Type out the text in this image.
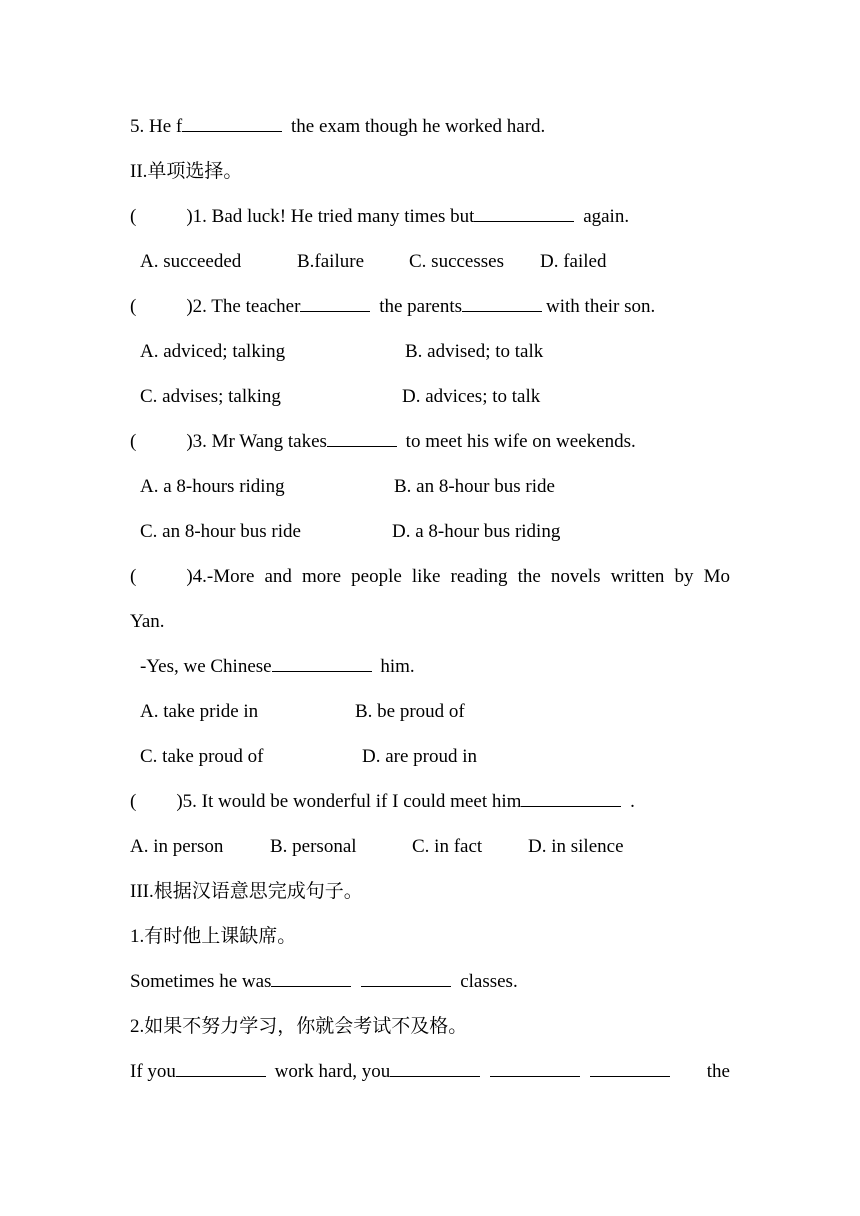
5. He f	the exam though he worked hard.
II.单项选择。
(	)1. Bad luck! He tried many times but	again.
A. succeeded	B.failure C. successes D. failed
(	)2. The teacher	the parents	with their son.
A. adviced; talking	B. advised; to talk
C. advises; talking	D. advices; to talk
(	)3. Mr Wang takes	to meet his wife on weekends.
A. a 8-hours riding	B. an 8-hour bus ride
C. an 8-hour bus ride	D. a 8-hour bus riding
(	)4.-More and more people like reading the novels written by Mo
Yan.
-Yes, we Chinese	him.
A. take pride in	B. be proud of
C. take proud of	D. are proud in
( )5. It would be wonderful if I could meet him	.
A. in person B. personal	C. in fact D. in silence
III.根据汉语意思完成句子。
1.有时他上课缺席。
Sometimes he was	classes.
2.如果不努力学习，你就会考试不及格。
If you	work hard, you	the
